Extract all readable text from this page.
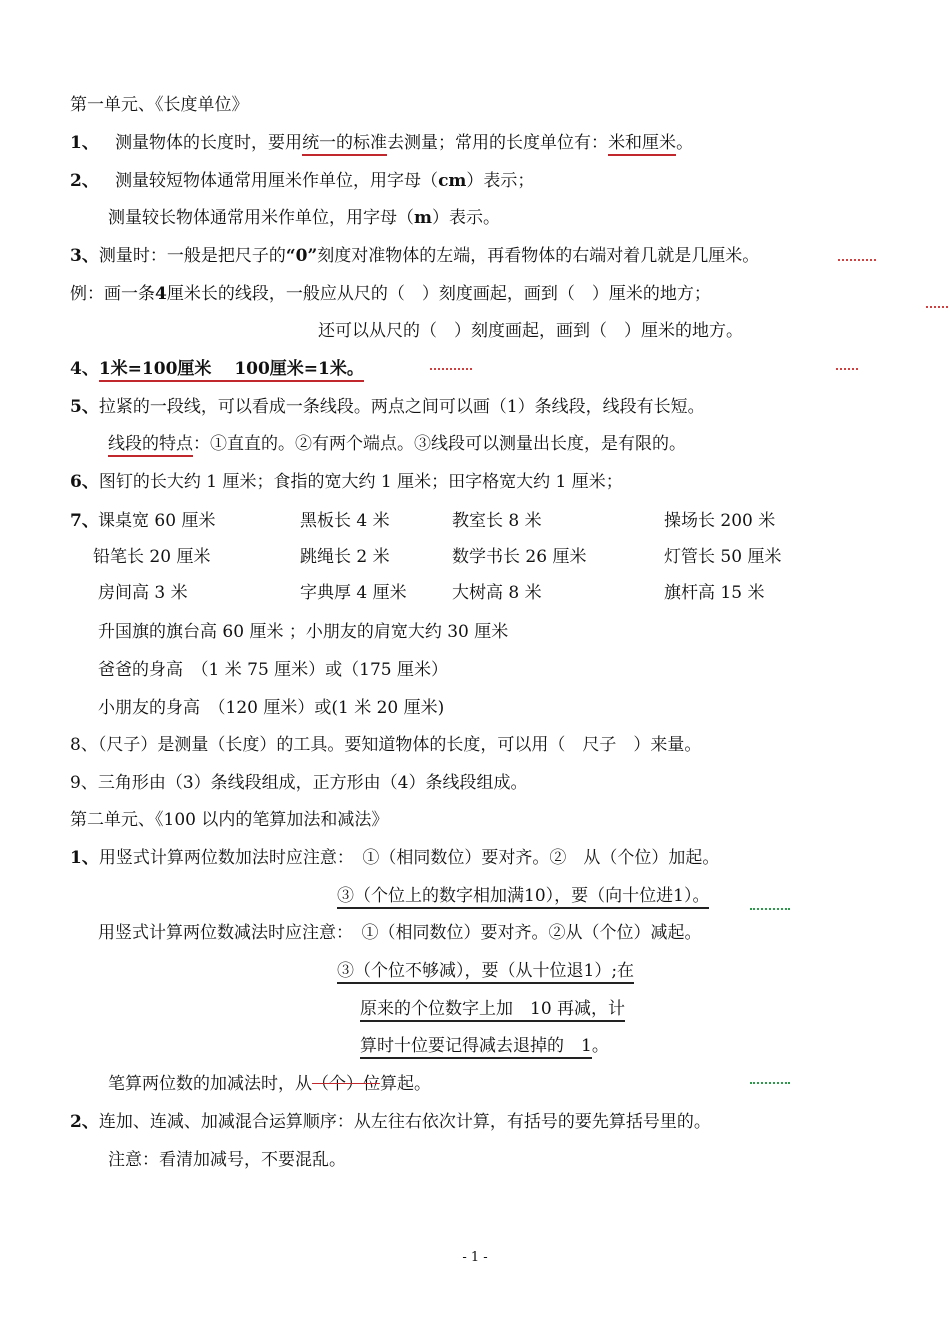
第一单元、《长度单位》
1、 测量物体的长度时，要用统一的标准去测量；常用的长度单位有：米和厘米。
2、 测量较短物体通常用厘米作单位，用字母（cm）表示；
测量较长物体通常用米作单位，用字母（m）表示。
3、测量时：一般是把尺子的“0”刻度对准物体的左端，再看物体的右端对着几就是几厘米。
例：画一条4厘米长的线段，一般应从尺的（　）刻度画起，画到（　）厘米的地方；
还可以从尺的（　）刻度画起，画到（　）厘米的地方。
4、1米=100厘米　 100厘米=1米。
5、拉紧的一段线，可以看成一条线段。两点之间可以画（1）条线段，线段有长短。
线段的特点：①直直的。②有两个端点。③线段可以测量出长度，是有限的。
6、图钉的长大约 1 厘米；食指的宽大约 1 厘米；田字格宽大约 1 厘米；
7、 课桌宽 60 厘米	黑板长 4 米	教室长 8 米	操场长 200 米
铅笔长 20 厘米	跳绳长 2 米	数学书长 26 厘米	灯管长 50 厘米
房间高 3 米	字典厚 4 厘米	大树高 8 米	旗杆高 15 米
升国旗的旗台高 60 厘米 ；小朋友的肩宽大约 30 厘米
爸爸的身高　（1 米 75 厘米）或（175 厘米）
小朋友的身高　（120 厘米）或(1 米 20 厘米)
8、（尺子）是测量（长度）的工具。要知道物体的长度，可以用（　尺子　）来量。
9、三角形由（3）条线段组成，正方形由（4）条线段组成。
第二单元、《100 以内的笔算加法和减法》
1、用竖式计算两位数加法时应注意：　①（相同数位）要对齐。②　从（个位）加起。
③（个位上的数字相加满10），要（向十位进1）。
用竖式计算两位数减法时应注意：　①（相同数位）要对齐。②从（个位）减起。
③（个位不够减），要（从十位退1）;在
原来的个位数字上加　10 再减，计
算时十位要记得减去退掉的　1。
笔算两位数的加减法时，从（个）位算起。
2、连加、连减、加减混合运算顺序：从左往右依次计算，有括号的要先算括号里的。
注意：看清加减号，不要混乱。
- 1 -
